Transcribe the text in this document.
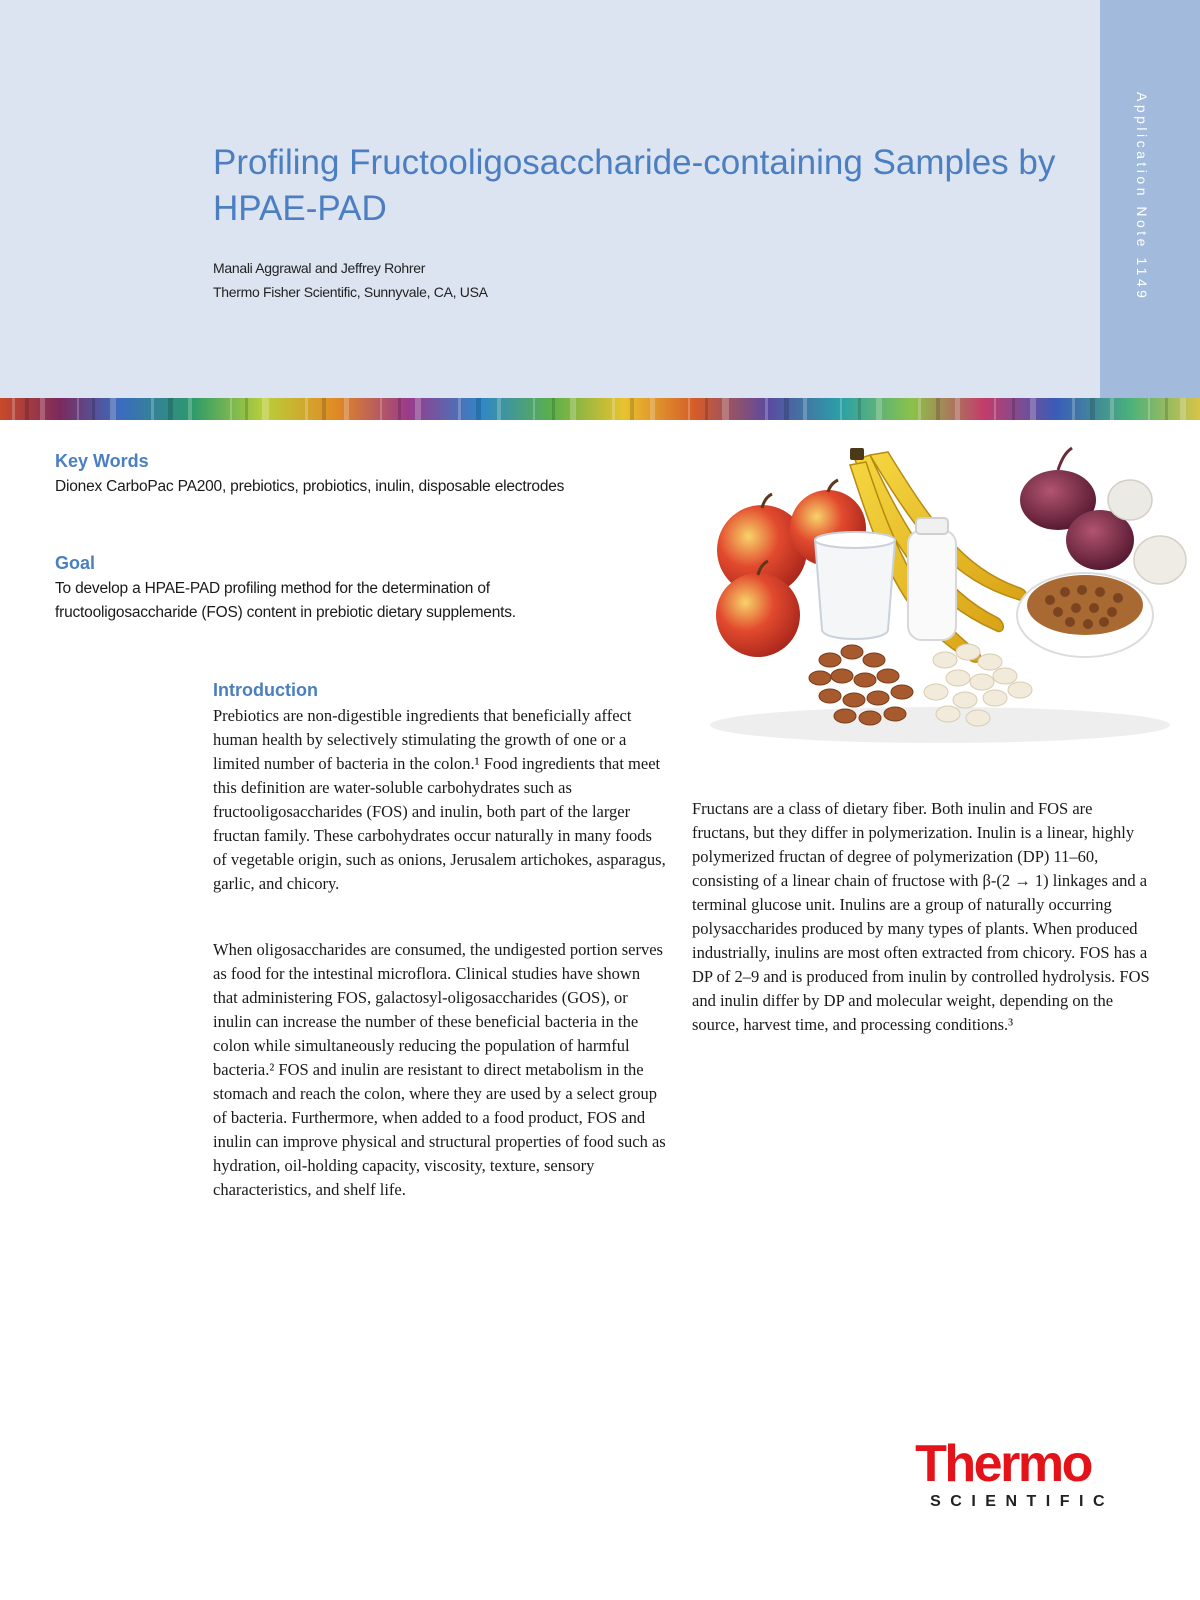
Application Note 1149
Profiling Fructooligosaccharide-containing Samples by HPAE-PAD
Manali Aggrawal and Jeffrey Rohrer
Thermo Fisher Scientific, Sunnyvale, CA, USA
Key Words

Dionex CarboPac PA200, prebiotics, probiotics, inulin, disposable electrodes

Goal

To develop a HPAE-PAD profiling method for the determination of fructooligosaccharide (FOS) content in prebiotic dietary supplements.

Introduction

Prebiotics are non-digestible ingredients that beneficially affect human health by selectively stimulating the growth of one or a limited number of bacteria in the colon.¹ Food ingredients that meet this definition are water-soluble carbohydrates such as fructooligosaccharides (FOS) and inulin, both part of the larger fructan family. These carbohydrates occur naturally in many foods of vegetable origin, such as onions, Jerusalem artichokes, asparagus, garlic, and chicory.

When oligosaccharides are consumed, the undigested portion serves as food for the intestinal microflora. Clinical studies have shown that administering FOS, galactosyl-oligosaccharides (GOS), or inulin can increase the number of these beneficial bacteria in the colon while simultaneously reducing the population of harmful bacteria.² FOS and inulin are resistant to direct metabolism in the stomach and reach the colon, where they are used by a select group of bacteria. Furthermore, when added to a food product, FOS and inulin can improve physical and structural properties of food such as hydration, oil-holding capacity, viscosity, texture, sensory characteristics, and shelf life.

Fructans are a class of dietary fiber. Both inulin and FOS are fructans, but they differ in polymerization. Inulin is a linear, highly polymerized fructan of degree of polymerization (DP) 11–60, consisting of a linear chain of fructose with β-(2 → 1) linkages and a terminal glucose unit. Inulins are a group of naturally occurring polysaccharides produced by many types of plants. When produced industrially, inulins are most often extracted from chicory. FOS has a DP of 2–9 and is produced from inulin by controlled hydrolysis. FOS and inulin differ by DP and molecular weight, depending on the source, harvest time, and processing conditions.³

Thermo
SCIENTIFIC
